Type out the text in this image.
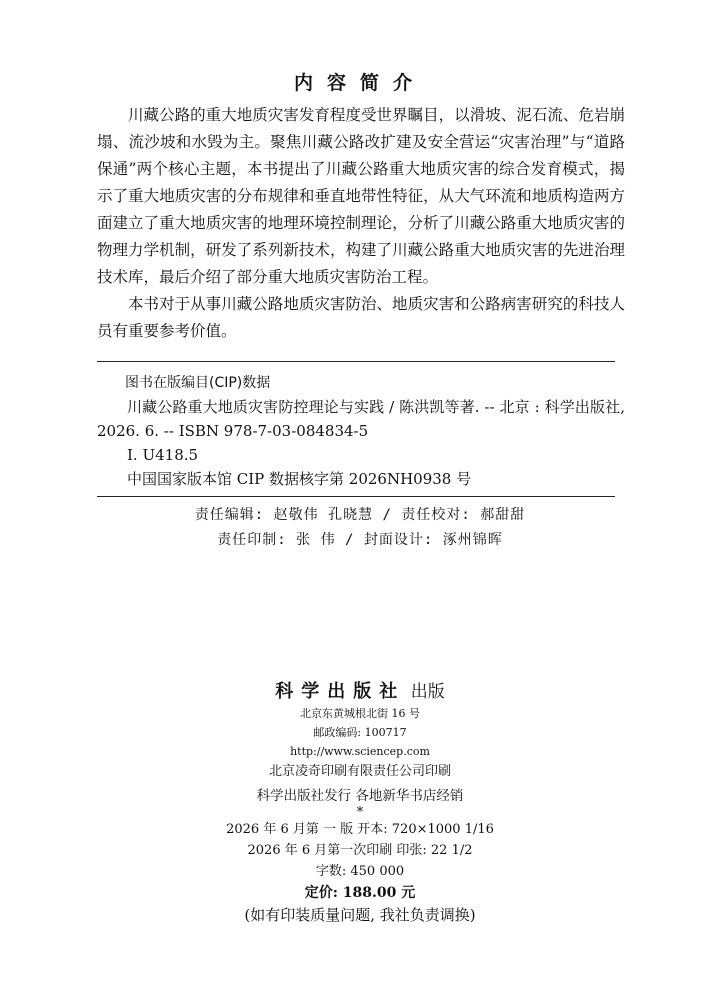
内容简介

川藏公路的重大地质灾害发育程度受世界瞩目，以滑坡、泥石流、危岩崩塌、流沙坡和水毁为主。聚焦川藏公路改扩建及安全营运“灾害治理”与“道路保通”两个核心主题，本书提出了川藏公路重大地质灾害的综合发育模式，揭示了重大地质灾害的分布规律和垂直地带性特征，从大气环流和地质构造两方面建立了重大地质灾害的地理环境控制理论，分析了川藏公路重大地质灾害的物理力学机制，研发了系列新技术，构建了川藏公路重大地质灾害的先进治理技术库，最后介绍了部分重大地质灾害防治工程。

本书对于从事川藏公路地质灾害防治、地质灾害和公路病害研究的科技人员有重要参考价值。

图书在版编目(CIP)数据
川藏公路重大地质灾害防控理论与实践 / 陈洪凯等著. -- 北京 : 科学出版社, 2026. 6. -- ISBN 978-7-03-084834-5
Ⅰ. U418.5
中国国家版本馆 CIP 数据核字第 2026NH0938 号
责任编辑: 赵敬伟 孔晓慧 / 责任校对: 郝甜甜
责任印制: 张 伟 / 封面设计: 涿州锦晖
科学出版社 出版
北京东黄城根北街 16 号
邮政编码: 100717
http://www.sciencep.com
北京凌奇印刷有限责任公司印刷
科学出版社发行 各地新华书店经销
*
2026 年 6 月第 一 版 开本: 720×1000 1/16
2026 年 6 月第一次印刷 印张: 22 1/2
字数: 450 000
定价: 188.00 元
(如有印装质量问题, 我社负责调换)
